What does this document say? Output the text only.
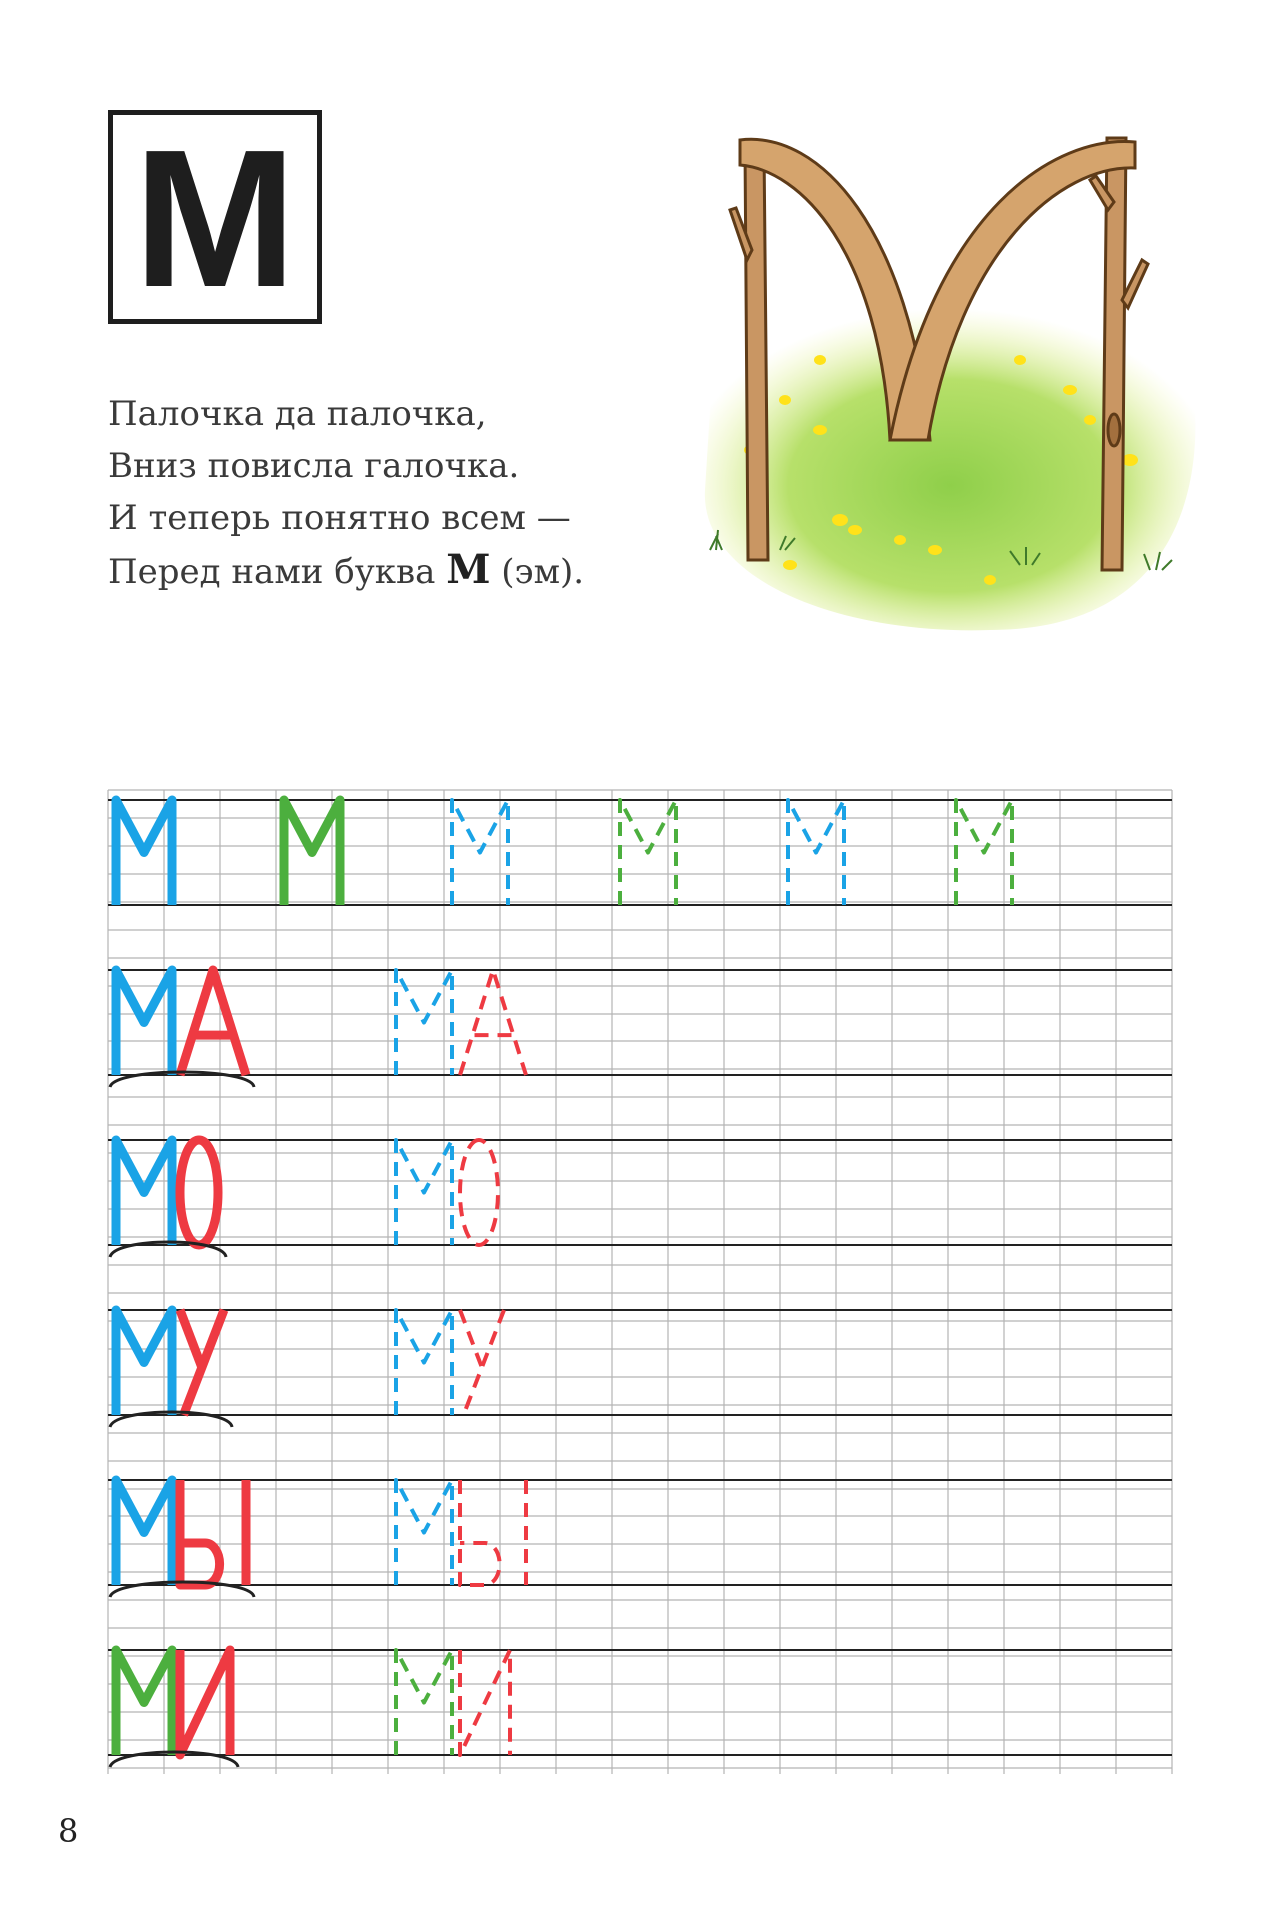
М
Палочка да палочка,
Вниз повисла галочка.
И теперь понятно всем —
Перед нами буква М (эм).
8
